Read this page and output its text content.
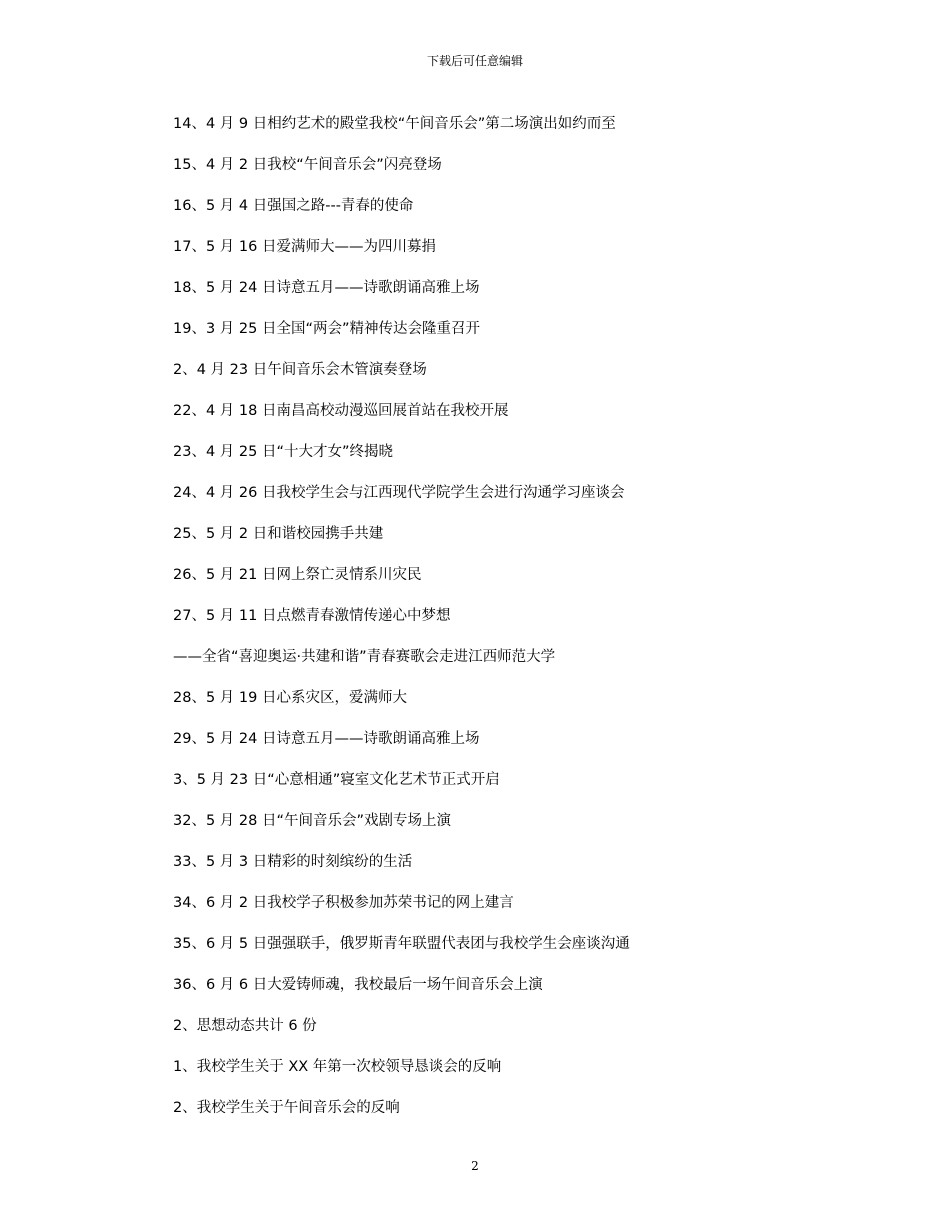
下载后可任意编辑
14、4 月 9 日相约艺术的殿堂我校“午间音乐会”第二场演出如约而至
15、4 月 2 日我校“午间音乐会”闪亮登场
16、5 月 4 日强国之路---青春的使命
17、5 月 16 日爱满师大——为四川募捐
18、5 月 24 日诗意五月——诗歌朗诵高雅上场
19、3 月 25 日全国“两会”精神传达会隆重召开
2、4 月 23 日午间音乐会木管演奏登场
22、4 月 18 日南昌高校动漫巡回展首站在我校开展
23、4 月 25 日“十大才女”终揭晓
24、4 月 26 日我校学生会与江西现代学院学生会进行沟通学习座谈会
25、5 月 2 日和谐校园携手共建
26、5 月 21 日网上祭亡灵情系川灾民
27、5 月 11 日点燃青春激情传递心中梦想
——全省“喜迎奥运·共建和谐”青春赛歌会走进江西师范大学
28、5 月 19 日心系灾区，爱满师大
29、5 月 24 日诗意五月——诗歌朗诵高雅上场
3、5 月 23 日“心意相通”寝室文化艺术节正式开启
32、5 月 28 日“午间音乐会”戏剧专场上演
33、5 月 3 日精彩的时刻缤纷的生活
34、6 月 2 日我校学子积极参加苏荣书记的网上建言
35、6 月 5 日强强联手，俄罗斯青年联盟代表团与我校学生会座谈沟通
36、6 月 6 日大爱铸师魂，我校最后一场午间音乐会上演
2、思想动态共计 6 份
1、我校学生关于 XX 年第一次校领导恳谈会的反响
2、我校学生关于午间音乐会的反响
2
